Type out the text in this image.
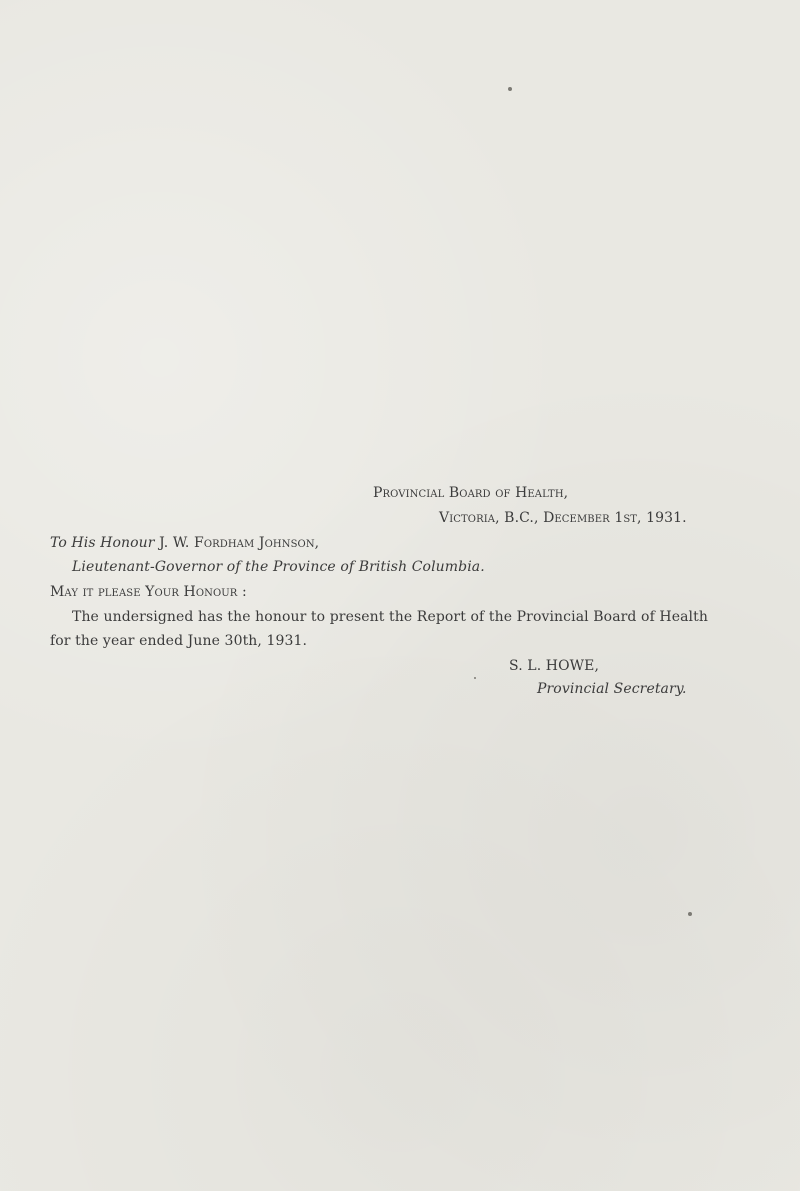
Provincial Board of Health,
Victoria, B.C., December 1st, 1931.
To His Honour J. W. Fordham Johnson,
Lieutenant-Governor of the Province of British Columbia.
May it please Your Honour :
The undersigned has the honour to present the Report of the Provincial Board of Health
for the year ended June 30th, 1931.
S. L. HOWE,
Provincial Secretary.
